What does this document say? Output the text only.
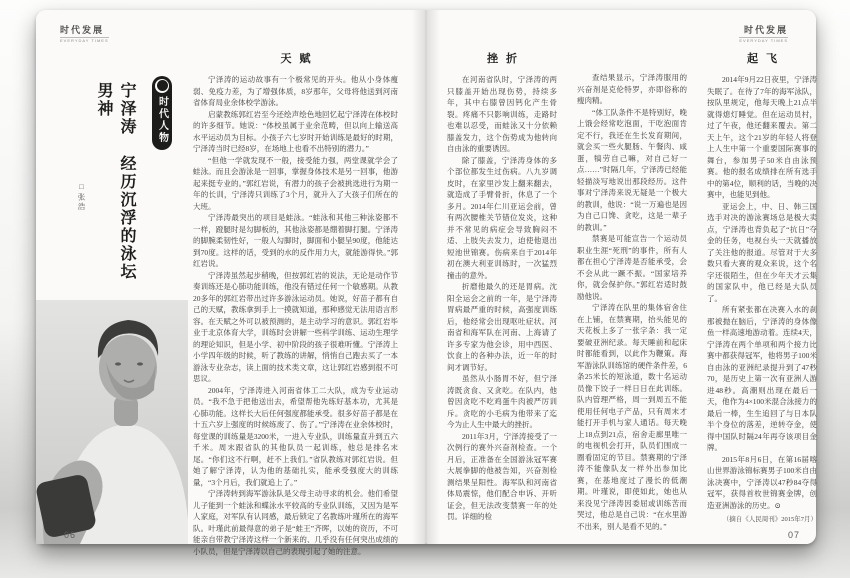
时代发展
EVERYDAY TIMES
时代人物
宁泽涛 经历沉浮的泳坛男神
□张浩
天赋

宁泽涛的运动故事有一个极常见的开头。他从小身体瘦弱、免疫力差，为了增强体质，8岁那年，父母将他送到河南省体育局业余体校学游泳。

启蒙教练郭红岩至今还绘声绘色地回忆起宁泽涛在体校时的许多细节。她说：“体校虽属于业余范畴，但以向上输送高水平运动员为目标。小孩子六七岁时开始训练是最好的时期，宁泽涛当时已经8岁，在场地上也看不出特别的潜力。”

“但他一学就发现不一般，接受能力强，两堂课就学会了蛙泳。而且会游泳是一回事，掌握身体技术是另一回事，他游起来挺专业的。”郭红岩说，有潜力的孩子会被挑选进行为期一年的长训，宁泽涛只训练了3个月，就升入了大孩子们所在的大班。

宁泽涛最突出的项目是蛙泳。“蛙泳和其他三种泳姿都不一样，蹬腿时是勾脚板的，其他泳姿都是绷着脚打腿。宁泽涛的脚腕柔韧性好，一般人勾脚时，脚面和小腿呈90度，他能达到70度。这样的话，受到的水的反作用力大，就能游得快。”郭红岩说。

宁泽涛虽然起步稍晚，但按郭红岩的说法，无论是动作节奏训练还是心肺功能训练，他没有错过任何一个敏感期。从教20多年的郭红岩带出过许多游泳运动员。她说，好苗子都有自己的天赋，教练拿到手上一摸就知道，那种感觉无法用语言形容。在天赋之外可以被预测的，是主动学习的意识。郭红岩毕业于北京体育大学，训练时会讲解一些科学训练、运动生理学的理论知识，但是小学、初中阶段的孩子很难听懂。宁泽涛上小学四年级的时候，听了教练的讲解，悄悄自己跑去买了一本游泳专业杂志，读上面的技术类文章，这让郭红岩感到很不可思议。

2004年，宁泽涛进入河南省体工二大队，成为专业运动员。“我不急于把他送出去，希望帮他先练好基本功，尤其是心肺功能。这样长大后任何强度都能承受。很多好苗子都是在十五六岁上强度的时候练废了、伤了。”宁泽涛在业余体校时，每堂课的训练量是3200米，一进入专业队，训练量直升到五六千米。周末跟省队的其他队员一起训练，他总是排名末尾。“你们这不行啊，赶不上我们。”省队教练对郭红岩说。但她了解宁泽涛，认为他的基础扎实，能承受强度大的训练量，“3个月后，我们就追上了。”

宁泽涛转到海军游泳队是父母主动寻求的机会。他们希望儿子能到一个蛙泳和蝶泳水平较高的专业队训练，又因为是军人家庭，对军队有认同感，最后锁定了名教练叶瑾所在的海军队。叶瑾此前最得意的弟子是“蛙王”齐晖，以她的资历，不可能亲自带教宁泽涛这样一个新来的、几乎没有任何突出成绩的小队员，但是宁泽涛以自己的表现引起了她的注意。

06
时代发展
EVERYDAY TIMES
挫折

在河南省队时，宁泽涛的两只膝盖开始出现伤势，持续多年，其中右膝曾因钙化产生骨裂。疼痛不只影响训练，走路时也难以忍受，而蛙泳又十分依赖膝盖发力，这个伤势成为他转向自由泳的重要诱因。

除了膝盖，宁泽涛身体的多个部位都发生过伤病。八九岁调皮时，在家里沙发上翻来翻去，就造成了手臂骨折，休息了一个多月。2014年仁川亚运会前，曾有两次腰椎关节错位发炎，这种并不常见的病症会导致胸闷不适、上肢失去发力，迫使他退出短池世锦赛。伤病来自于2014年初在澳大利亚训练时，一次猛烈撞击的意外。

折磨他最久的还是胃病。沈阳全运会之前的一年，是宁泽涛胃病最严重的时候，高强度训练后，他经常会出现呕吐症状。河南省和海军队在河南、上海请了许多专家为他会诊，用中西医、饮食上的各种办法，近一年的时间才调节好。

虽然从小肠胃不好，但宁泽涛既贪食、又贪吃。在队内，他曾因贪吃不吃鸡蛋牛肉被严厉训斥。贪吃的小毛病为他带来了迄今为止人生中最大的挫折。

2011年3月，宁泽涛接受了一次例行的赛外兴奋剂检查。一个月后，正准备在全国游泳冠军赛大展拳脚的他被告知，兴奋剂检测结果呈阳性。海军队和河南省体局震惊，他们配合申诉、开听证会，但无法改变禁赛一年的处罚。详细的检

查结果显示，宁泽涛服用的兴奋剂是克伦特罗，亦即俗称的瘦肉精。

“体工队条件不是特别好，晚上饿会经常吃泡面，干吃泡面肯定不行，我还在生长发育期间，就会买一些火腿肠、午餐肉、咸蛋，犒劳自己嘛，对自己好一点……”时隔几年，宁泽涛已经能轻描淡写地说出那段经历。这件事对宁泽涛来说无疑是一个极大的教训，他说：“说一万遍也是因为自己口馋、贪吃，这是一辈子的教训。”

禁赛是可能宣告一个运动员职业生涯“死刑”的事件，所有人都在担心宁泽涛是否能承受，会不会从此一蹶不振。“国家培养你，就会保护你。”郭红岩适时鼓励他说。

宁泽涛在队里的集体宿舍住在上铺，在禁赛期，抬头能见的天花板上多了一张字条：我一定要破亚洲纪录。每天睡前和起床时都能看到，以此作为鞭策。海军游泳队训练馆的硬件条件差，6条25米长的短泳道，数十名运动员像下饺子一样日日在此训练。队内管理严格，周一到周五不能使用任何电子产品，只有周末才能打开手机与家人通话。每天晚上18点到21点，宿舍走廊里唯一的电视机会打开，队员们围成一圈看固定的节目。禁赛期的宁泽涛不能像队友一样外出参加比赛，在基地度过了漫长的低潮期。叶瑾说，即使如此，她也从来没见宁泽涛因委屈或训练苦而哭过，他总是自己说：“在水里游不出来，别人是看不见的。”

起飞

2014年9月22日夜里，宁泽涛失眠了。在待了7年的海军泳队，按队里规定，他每天晚上21点半就得熄灯睡觉。但在运动员村，过了午夜，他还翻来覆去。第二天上午，这个21岁的年轻人将登上人生中第一个重要国际赛事的舞台，参加男子50米自由泳预赛。他的报名成绩排在所有选手中的第4位，顺利的话，当晚的决赛中，也能见到他。

亚运会上，中、日、韩三国选手对决的游泳赛场总是极大卖点，宁泽涛也背负起了“抗日”夺金的任务，电视台头一天就播放了关注他的报道。尽管对于大多数只看大赛的观众来说，这个名字还很陌生，但在少年天才云集的国家队中，他已经是大队员了。

所有紧张都在决赛入水的刹那被抛在脑后，宁泽涛的身体像鱼一样高速地游动着。连续4天，宁泽涛在两个单项和两个接力比赛中都获得冠军，他将男子100米自由泳的亚洲纪录提升到了47秒70，是历史上第一次有亚洲人游进48秒。高潮则出现在最后一天，他作为4×100米混合泳接力的最后一棒，生生追回了与日本队半个身位的落差，逆转夺金，使得中国队时隔24年再夺该项目金牌。

2015年8月6日，在第16届喀山世界游泳锦标赛男子100米自由泳决赛中，宁泽涛以47秒84夺得冠军，获得首枚世锦赛金牌，创造亚洲游泳的历史。⊙

（摘自《人民周刊》2015年7月）
07
